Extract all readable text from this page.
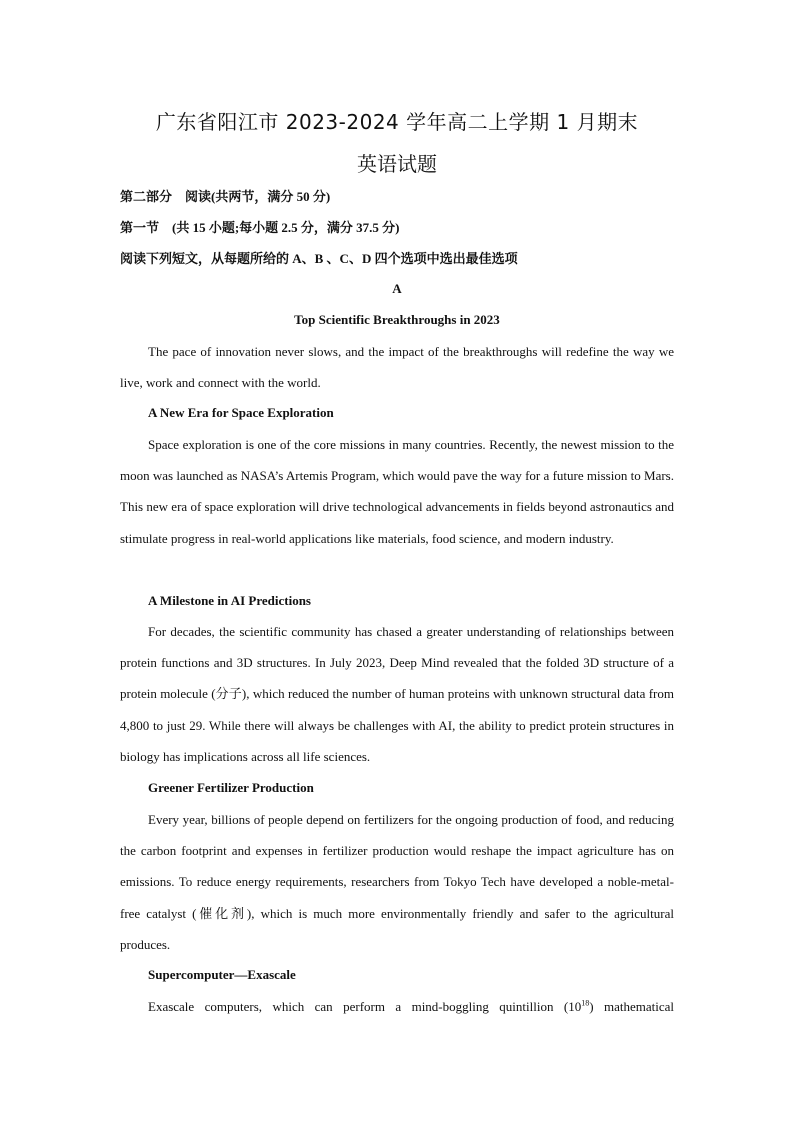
广东省阳江市 2023-2024 学年高二上学期 1 月期末
英语试题
第二部分　阅读(共两节，满分 50 分)
第一节　(共 15 小题;每小题 2.5 分，满分 37.5 分)
阅读下列短文，从每题所给的 A、B 、C、D 四个选项中选出最佳选项
A
Top Scientific Breakthroughs in 2023

The pace of innovation never slows, and the impact of the breakthroughs will redefine the way we live, work and connect with the world.

A New Era for Space Exploration

Space exploration is one of the core missions in many countries. Recently, the newest mission to the moon was launched as NASA’s Artemis Program, which would pave the way for a future mission to Mars. This new era of space exploration will drive technological advancements in fields beyond astronautics and stimulate progress in real-world applications like materials, food science, and modern industry.

A Milestone in AI Predictions

For decades, the scientific community has chased a greater understanding of relationships between protein functions and 3D structures. In July 2023, Deep Mind revealed that the folded 3D structure of a protein molecule (分子), which reduced the number of human proteins with unknown structural data from 4,800 to just 29. While there will always be challenges with AI, the ability to predict protein structures in biology has implications across all life sciences.

Greener Fertilizer Production

Every year, billions of people depend on fertilizers for the ongoing production of food, and reducing the carbon footprint and expenses in fertilizer production would reshape the impact agriculture has on emissions. To reduce energy requirements, researchers from Tokyo Tech have developed a noble-metal-free catalyst (催化剂), which is much more environmentally friendly and safer to the agricultural produces.

Supercomputer—Exascale

Exascale computers, which can perform a mind-boggling quintillion $(10^{18})$ mathematical
